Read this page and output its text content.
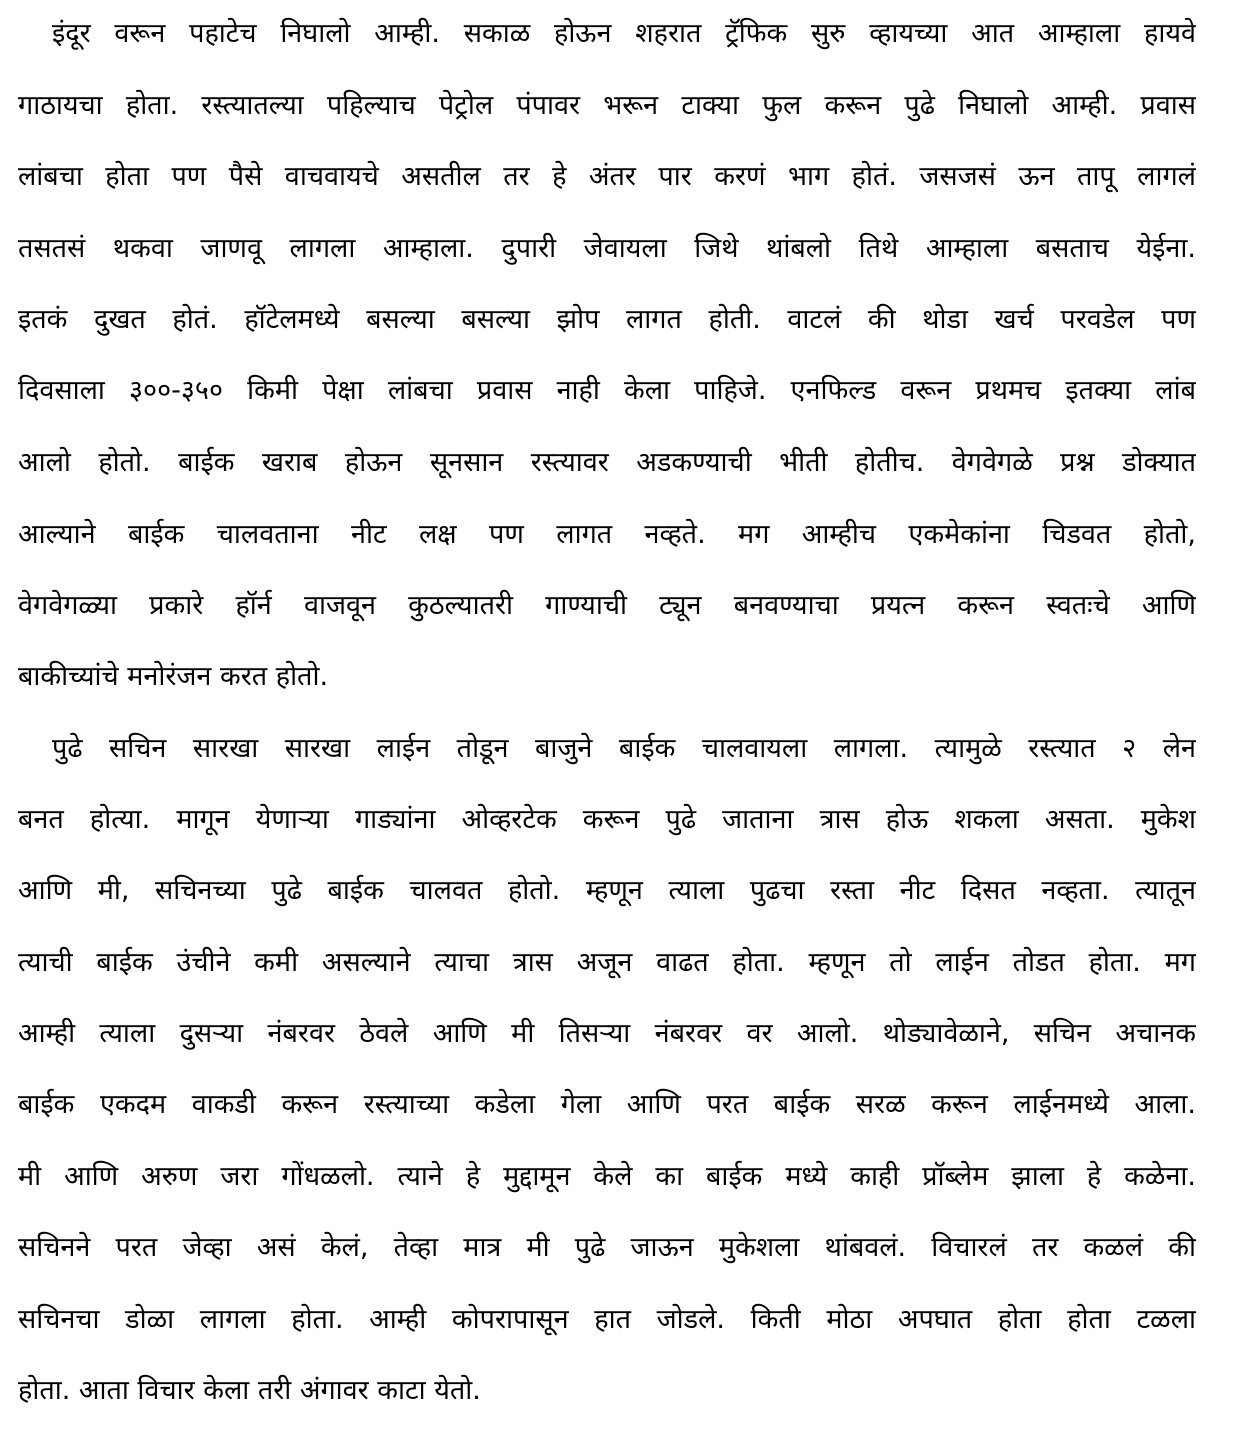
इंदूर वरून पहाटेच निघालो आम्ही. सकाळ होऊन शहरात ट्रॅफिक सुरु व्हायच्या आत आम्हाला हायवे
गाठायचा होता. रस्त्यातल्या पहिल्याच पेट्रोल पंपावर भरून टाक्या फुल करून पुढे निघालो आम्ही. प्रवास
लांबचा होता पण पैसे वाचवायचे असतील तर हे अंतर पार करणं भाग होतं. जसजसं ऊन तापू लागलं
तसतसं थकवा जाणवू लागला आम्हाला. दुपारी जेवायला जिथे थांबलो तिथे आम्हाला बसताच येईना.
इतकं दुखत होतं. हॉटेलमध्ये बसल्या बसल्या झोप लागत होती. वाटलं की थोडा खर्च परवडेल पण
दिवसाला ३००-३५० किमी पेक्षा लांबचा प्रवास नाही केला पाहिजे. एनफिल्ड वरून प्रथमच इतक्या लांब
आलो होतो. बाईक खराब होऊन सूनसान रस्त्यावर अडकण्याची भीती होतीच. वेगवेगळे प्रश्न डोक्यात
आल्याने बाईक चालवताना नीट लक्ष पण लागत नव्हते. मग आम्हीच एकमेकांना चिडवत होतो,
वेगवेगळ्या प्रकारे हॉर्न वाजवून कुठल्यातरी गाण्याची ट्यून बनवण्याचा प्रयत्न करून स्वतःचे आणि
बाकीच्यांचे मनोरंजन करत होतो.
पुढे सचिन सारखा सारखा लाईन तोडून बाजुने बाईक चालवायला लागला. त्यामुळे रस्त्यात २ लेन
बनत होत्या. मागून येणाऱ्या गाड्यांना ओव्हरटेक करून पुढे जाताना त्रास होऊ शकला असता. मुकेश
आणि मी, सचिनच्या पुढे बाईक चालवत होतो. म्हणून त्याला पुढचा रस्ता नीट दिसत नव्हता. त्यातून
त्याची बाईक उंचीने कमी असल्याने त्याचा त्रास अजून वाढत होता. म्हणून तो लाईन तोडत होता. मग
आम्ही त्याला दुसऱ्या नंबरवर ठेवले आणि मी तिसऱ्या नंबरवर वर आलो. थोड्यावेळाने, सचिन अचानक
बाईक एकदम वाकडी करून रस्त्याच्या कडेला गेला आणि परत बाईक सरळ करून लाईनमध्ये आला.
मी आणि अरुण जरा गोंधळलो. त्याने हे मुद्दामून केले का बाईक मध्ये काही प्रॉब्लेम झाला हे कळेना.
सचिनने परत जेव्हा असं केलं, तेव्हा मात्र मी पुढे जाऊन मुकेशला थांबवलं. विचारलं तर कळलं की
सचिनचा डोळा लागला होता. आम्ही कोपरापासून हात जोडले. किती मोठा अपघात होता होता टळला
होता. आता विचार केला तरी अंगावर काटा येतो.
